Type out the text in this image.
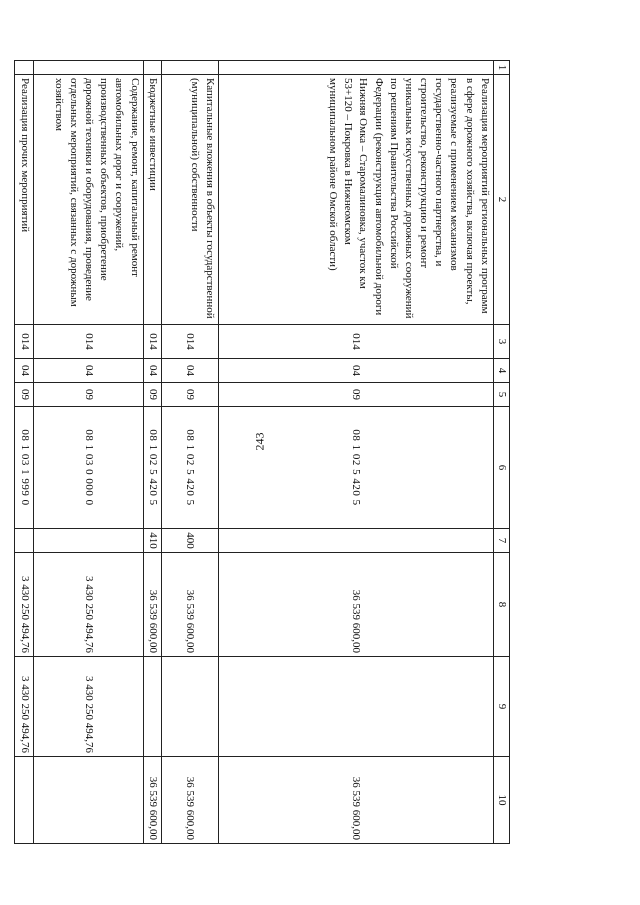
243
1	2	3	4	5	6	7	8	9	10
	Реализация мероприятий региональных программ в сфере дорожного хозяйства, включая проекты, реализуемые с применением механизмов государственно-частного партнерства, и строительство, реконструкцию и ремонт уникальных искусственных дорожных сооружений по решениям Правительства Российской Федерации (реконструкция автомобильной дороги Нижняя Омка – Старомалиновка, участок км 53+120 – Покровка в Нижнеомском муниципальном районе Омской области)	014	04	09	08 1 02 5 420 5		36 539 600,00		36 539 600,00
	Капитальные вложения в объекты государственной (муниципальной) собственности	014	04	09	08 1 02 5 420 5	400	36 539 600,00		36 539 600,00
	Бюджетные инвестиции	014	04	09	08 1 02 5 420 5	410	36 539 600,00		36 539 600,00
	Содержание, ремонт, капитальный ремонт автомобильных дорог и сооружений, производственных объектов, приобретение дорожной техники и оборудования, проведение отдельных мероприятий, связанных с дорожным хозяйством	014	04	09	08 1 03 0 000 0		3 430 250 494,76	3 430 250 494,76	
	Реализация прочих мероприятий	014	04	09	08 1 03 1 999 0		3 430 250 494,76	3 430 250 494,76	
